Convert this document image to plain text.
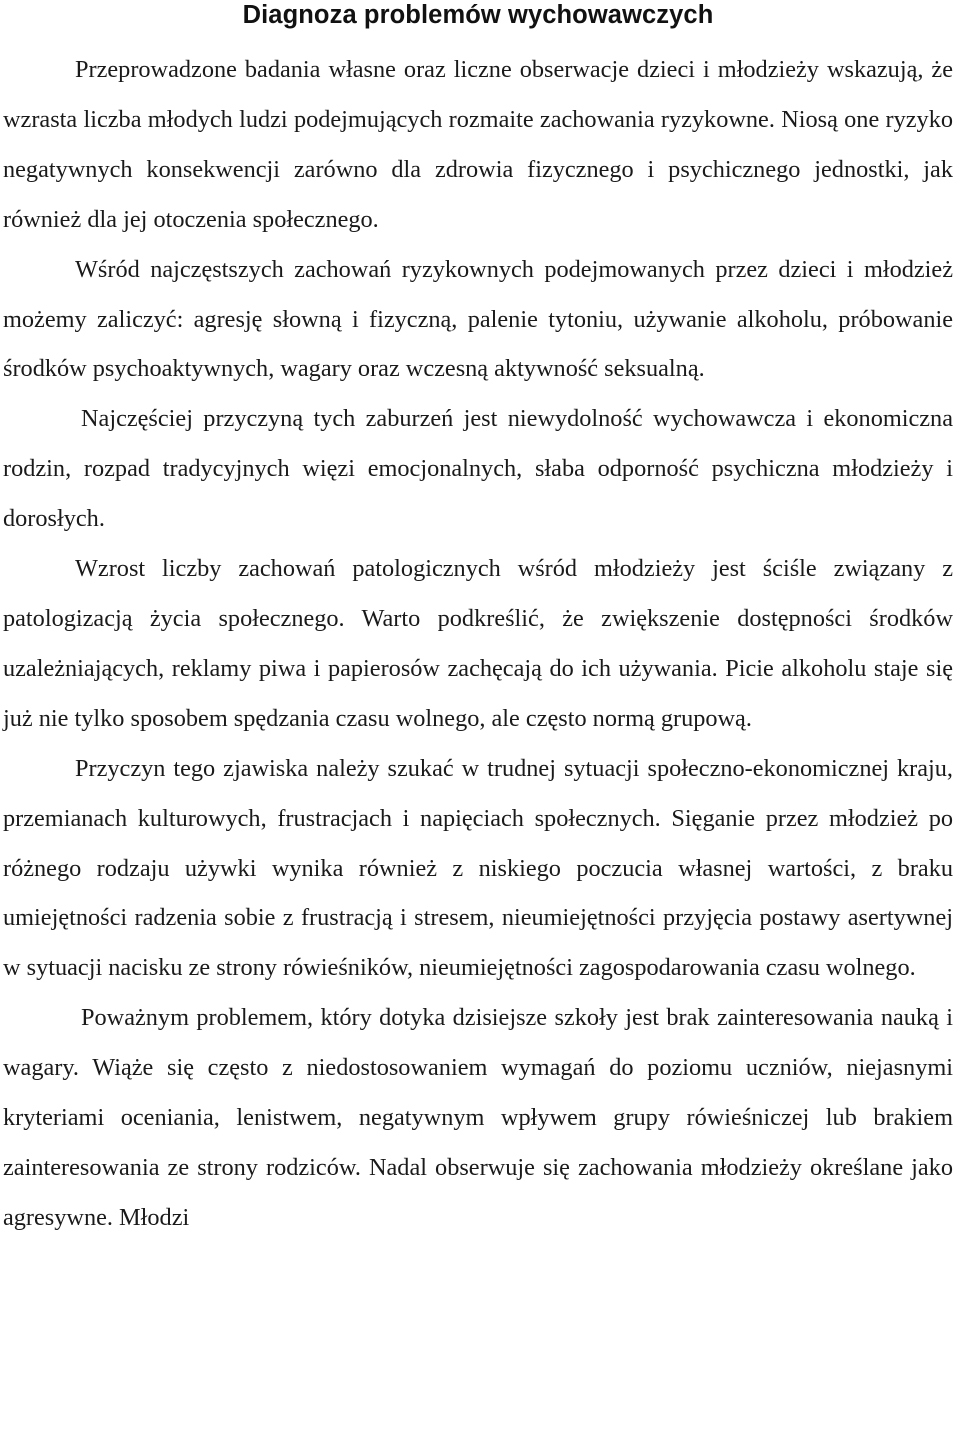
Diagnoza problemów wychowawczych

Przeprowadzone badania własne oraz liczne obserwacje dzieci i młodzieży wskazują, że wzrasta liczba młodych ludzi podejmujących rozmaite zachowania ryzykowne. Niosą one ryzyko negatywnych konsekwencji zarówno dla zdrowia fizycznego i psychicznego jednostki, jak również dla jej otoczenia społecznego.

Wśród najczęstszych zachowań ryzykownych podejmowanych przez dzieci i młodzież możemy zaliczyć: agresję słowną i fizyczną, palenie tytoniu, używanie alkoholu, próbowanie środków psychoaktywnych, wagary oraz wczesną aktywność seksualną.

Najczęściej przyczyną tych zaburzeń jest niewydolność wychowawcza i ekonomiczna rodzin, rozpad tradycyjnych więzi emocjonalnych, słaba odporność psychiczna młodzieży i dorosłych.

Wzrost liczby zachowań patologicznych wśród młodzieży jest ściśle związany z patologizacją życia społecznego. Warto podkreślić, że zwiększenie dostępności środków uzależniających, reklamy piwa i papierosów zachęcają do ich używania. Picie alkoholu staje się już nie tylko sposobem spędzania czasu wolnego, ale często normą grupową.

Przyczyn tego zjawiska należy szukać w trudnej sytuacji społeczno-ekonomicznej kraju, przemianach kulturowych, frustracjach i napięciach społecznych. Sięganie przez młodzież po różnego rodzaju używki wynika również z niskiego poczucia własnej wartości, z braku umiejętności radzenia sobie z frustracją i stresem, nieumiejętności przyjęcia postawy asertywnej w sytuacji nacisku ze strony rówieśników, nieumiejętności zagospodarowania czasu wolnego.

Poważnym problemem, który dotyka dzisiejsze szkoły jest brak zainteresowania nauką i wagary. Wiąże się często z niedostosowaniem wymagań do poziomu uczniów, niejasnymi kryteriami oceniania, lenistwem, negatywnym wpływem grupy rówieśniczej lub brakiem zainteresowania ze strony rodziców. Nadal obserwuje się zachowania młodzieży określane jako agresywne. Młodzi
